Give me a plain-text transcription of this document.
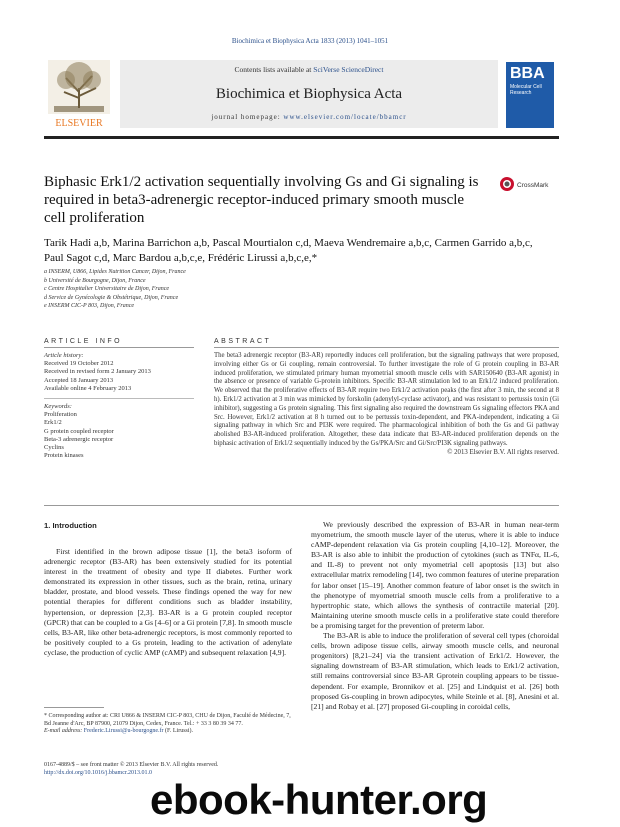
Biochimica et Biophysica Acta 1833 (2013) 1041–1051
ELSEVIER
Contents lists available at SciVerse ScienceDirect
Biochimica et Biophysica Acta
journal homepage: www.elsevier.com/locate/bbamcr
BBA
Molecular Cell Research
Biphasic Erk1/2 activation sequentially involving Gs and Gi signaling is required in beta3-adrenergic receptor-induced primary smooth muscle cell proliferation
CrossMark
Tarik Hadi a,b, Marina Barrichon a,b, Pascal Mourtialon c,d, Maeva Wendremaire a,b,c, Carmen Garrido a,b,c,
Paul Sagot c,d, Marc Bardou a,b,c,e, Frédéric Lirussi a,b,c,e,*
a INSERM, U866, Lipides Nutrition Cancer, Dijon, France
b Université de Bourgogne, Dijon, France
c Centre Hospitalier Universitaire de Dijon, France
d Service de Gynécologie & Obstétrique, Dijon, France
e INSERM CIC-P 803, Dijon, France
ARTICLE INFO
Article history:
Received 19 October 2012
Received in revised form 2 January 2013
Accepted 18 January 2013
Available online 4 February 2013
Keywords:
Proliferation
Erk1/2
G protein coupled receptor
Beta-3 adrenergic receptor
Cyclins
Protein kinases
ABSTRACT
The beta3 adrenergic receptor (B3-AR) reportedly induces cell proliferation, but the signaling pathways that were proposed, involving either Gs or Gi coupling, remain controversial. To further investigate the role of G protein coupling in B3-AR induced proliferation, we stimulated primary human myometrial smooth muscle cells with SAR150640 (B3-AR agonist) in the absence or presence of variable G-protein inhibitors. Specific B3-AR stimulation led to an Erk1/2 induced proliferation. We observed that the proliferative effects of B3-AR require two Erk1/2 activation peaks (the first after 3 min, the second at 8 h). Erk1/2 activation at 3 min was mimicked by forskolin (adenylyl-cyclase activator), and was resistant to pertussis toxin (Gi inhibitor), suggesting a Gs protein signaling. This first signaling also required the downstream Gs signaling effectors PKA and Src. However, Erk1/2 activation at 8 h turned out to be pertussis toxin-dependent, and PKA-independent, indicating a Gi signaling pathway in which Src and PI3K were required. The pharmacological inhibition of both the Gs and Gi pathway abolished B3-AR-induced proliferation. Altogether, these data indicate that B3-AR-induced proliferation depends on the biphasic activation of Erk1/2 sequentially induced by the Gs/PKA/Src and Gi/Src/PI3K signaling pathways.
© 2013 Elsevier B.V. All rights reserved.
1. Introduction

First identified in the brown adipose tissue [1], the beta3 isoform of adrenergic receptor (B3-AR) has been extensively studied for its potential interest in the treatment of obesity and type II diabetes. Further work demonstrated its expression in other tissues, such as the brain, retina, urinary bladder, prostate, and blood vessels. These findings opened the way for new potential therapies for different conditions such as bladder instability, hypertension, or depression [2,3]. B3-AR is a G protein coupled receptor (GPCR) that can be coupled to a Gs [4–6] or a Gi protein [7,8]. In smooth muscle cells, B3-AR, like other beta-adrenergic receptors, is most commonly reported to be positively coupled to a Gs protein, leading to the activation of adenylate cyclase, the production of cyclic AMP (cAMP) and subsequent relaxation [4,9].

We previously described the expression of B3-AR in human near-term myometrium, the smooth muscle layer of the uterus, where it is able to induce cAMP-dependent relaxation via Gs protein coupling [4,10–12]. Moreover, the B3-AR is also able to inhibit the production of cytokines (such as TNFα, IL-6, and IL-8) to prevent not only myometrial cell apoptosis [13] but also extracellular matrix remodeling [14], two common features of uterine preparation for labor onset [15–19]. Another common feature of labor onset is the switch in the phenotype of myometrial smooth muscle cells from a proliferative to a hypertrophic state, which allows the synthesis of contractile material [20]. Maintaining uterine smooth muscle cells in a proliferative state could therefore be a promising target for the prevention of preterm labor.

The B3-AR is able to induce the proliferation of several cell types (choroidal cells, brown adipose tissue cells, airway smooth muscle cells, and neuronal progenitors) [8,21–24] via the transient activation of Erk1/2. However, the signaling downstream of B3-AR stimulation, which leads to Erk1/2 activation, still remains controversial since B3-AR Gprotein coupling appears to be tissue-dependent. For example, Bronnikov et al. [25] and Lindquist et al. [26] both proposed Gs-coupling in brown adipocytes, while Steinle et al. [8], Anesini et al. [21] and Robay et al. [27] proposed Gi-coupling in coroidal cells,

* Corresponding author at: CRI U866 & INSERM CIC-P 803, CHU de Dijon, Faculté de Médecine, 7, Bd Jeanne d'Arc, BP 87900, 21079 Dijon, Cedex, France. Tel.: + 33 3 80 39 34 77.
E-mail address: Frederic.Lirussi@u-bourgogne.fr (F. Lirussi).
0167-4889/$ – see front matter © 2013 Elsevier B.V. All rights reserved.
http://dx.doi.org/10.1016/j.bbamcr.2013.01.0
ebook-hunter.org
